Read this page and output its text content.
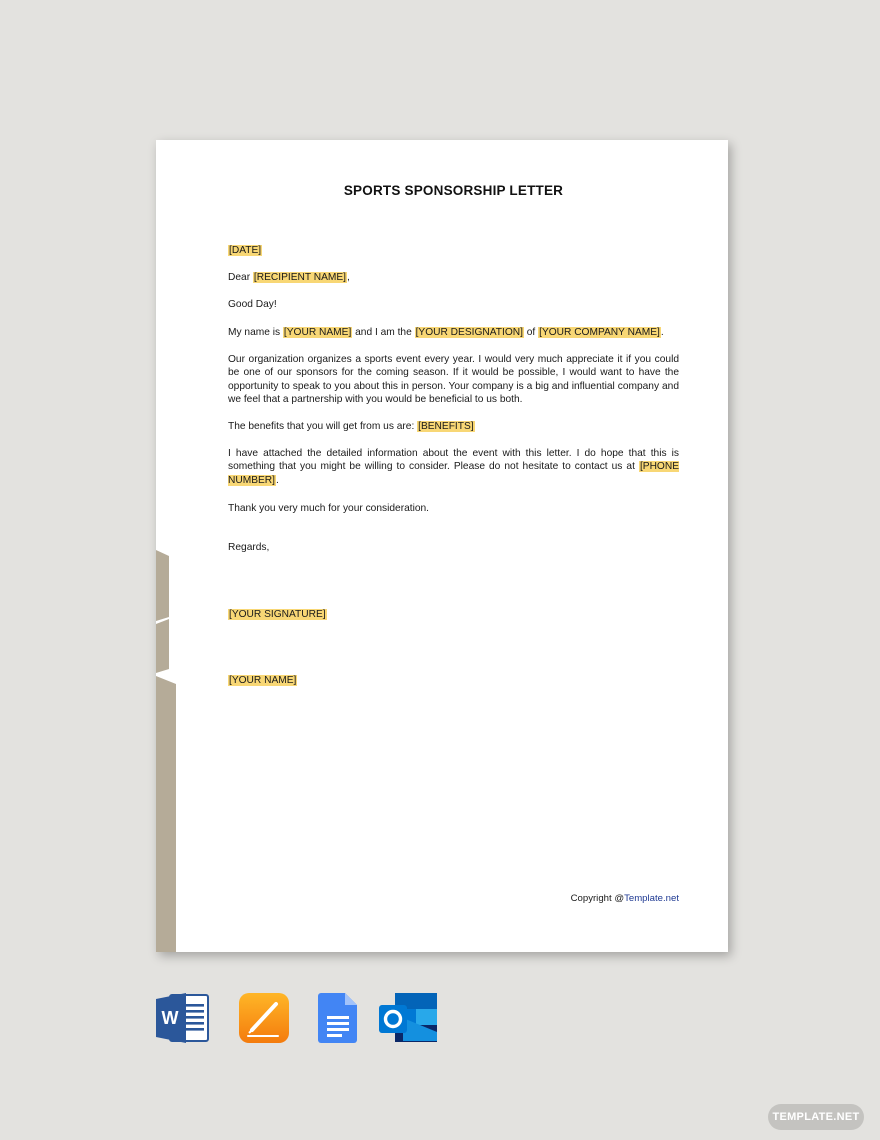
SPORTS SPONSORSHIP LETTER

[DATE]

Dear [RECIPIENT NAME],

Good Day!

My name is [YOUR NAME] and I am the [YOUR DESIGNATION] of [YOUR COMPANY NAME].

Our organization organizes a sports event every year. I would very much appreciate it if you could be one of our sponsors for the coming season. If it would be possible, I would want to have the opportunity to speak to you about this in person. Your company is a big and influential company and we feel that a partnership with you would be beneficial to us both.

The benefits that you will get from us are: [BENEFITS]

I have attached the detailed information about the event with this letter. I do hope that this is something that you might be willing to consider. Please do not hesitate to contact us at [PHONE NUMBER].

Thank you very much for your consideration.

Regards,

[YOUR SIGNATURE]

[YOUR NAME]

Copyright @Template.net
W
TEMPLATE.NET
